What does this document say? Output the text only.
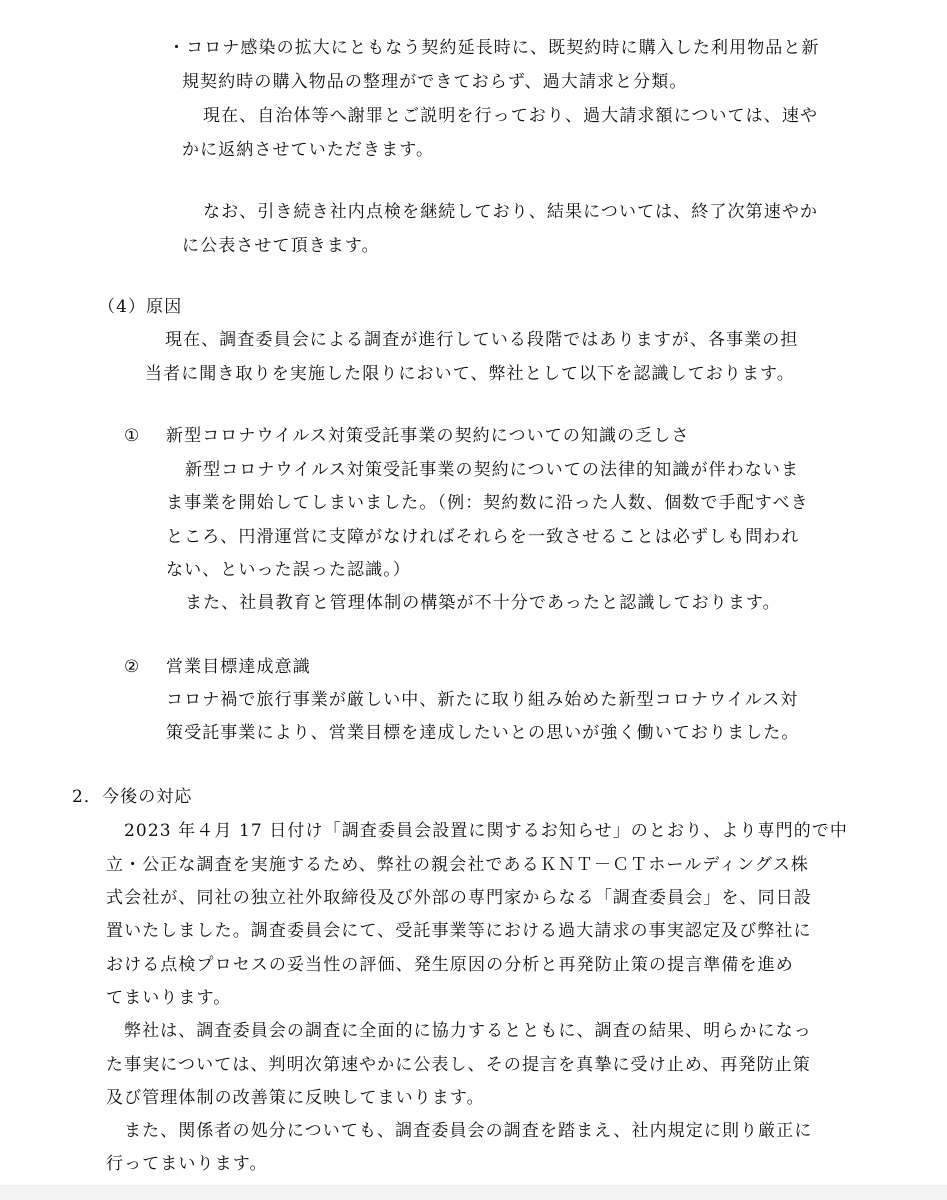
・コロナ感染の拡大にともなう契約延長時に、既契約時に購入した利用物品と新
規契約時の購入物品の整理ができておらず、過大請求と分類。
現在、自治体等へ謝罪とご説明を行っており、過大請求額については、速や
かに返納させていただきます。
なお、引き続き社内点検を継続しており、結果については、終了次第速やか
に公表させて頂きます。
（4）原因
現在、調査委員会による調査が進行している段階ではありますが、各事業の担
当者に聞き取りを実施した限りにおいて、弊社として以下を認識しております。
① 新型コロナウイルス対策受託事業の契約についての知識の乏しさ
新型コロナウイルス対策受託事業の契約についての法律的知識が伴わないま
ま事業を開始してしまいました。（例：契約数に沿った人数、個数で手配すべき
ところ、円滑運営に支障がなければそれらを一致させることは必ずしも問われ
ない、といった誤った認識。）
また、社員教育と管理体制の構築が不十分であったと認識しております。
② 営業目標達成意識
コロナ禍で旅行事業が厳しい中、新たに取り組み始めた新型コロナウイルス対
策受託事業により、営業目標を達成したいとの思いが強く働いておりました。
2．今後の対応
2023 年４月 17 日付け「調査委員会設置に関するお知らせ」のとおり、より専門的で中
立・公正な調査を実施するため、弊社の親会社であるＫＮＴ－ＣＴホールディングス株
式会社が、同社の独立社外取締役及び外部の専門家からなる「調査委員会」を、同日設
置いたしました。調査委員会にて、受託事業等における過大請求の事実認定及び弊社に
おける点検プロセスの妥当性の評価、発生原因の分析と再発防止策の提言準備を進め
てまいります。
弊社は、調査委員会の調査に全面的に協力するとともに、調査の結果、明らかになっ
た事実については、判明次第速やかに公表し、その提言を真摯に受け止め、再発防止策
及び管理体制の改善策に反映してまいります。
また、関係者の処分についても、調査委員会の調査を踏まえ、社内規定に則り厳正に
行ってまいります。
